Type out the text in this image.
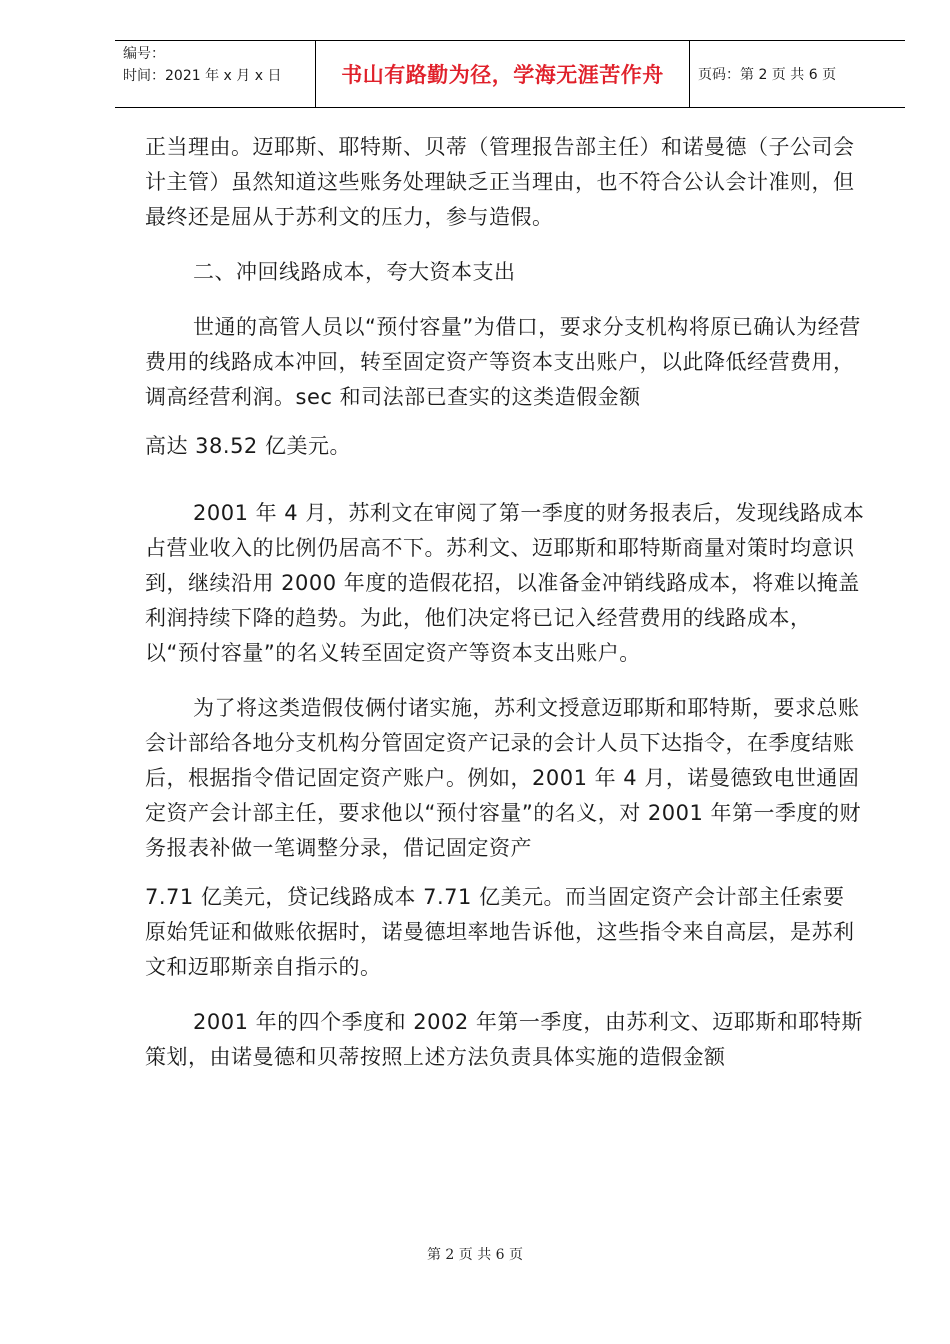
编号：
时间：2021 年 x 月 x 日	书山有路勤为径，学海无涯苦作舟 页码：第 2 页 共 6 页

正当理由。迈耶斯、耶特斯、贝蒂（管理报告部主任）和诺曼德（子公司会计主管）虽然知道这些账务处理缺乏正当理由，也不符合公认会计准则，但最终还是屈从于苏利文的压力，参与造假。

二、冲回线路成本，夸大资本支出

世通的高管人员以“预付容量”为借口，要求分支机构将原已确认为经营费用的线路成本冲回，转至固定资产等资本支出账户，以此降低经营费用，调高经营利润。sec 和司法部已查实的这类造假金额

高达 38.52 亿美元。

2001 年 4 月，苏利文在审阅了第一季度的财务报表后，发现线路成本占营业收入的比例仍居高不下。苏利文、迈耶斯和耶特斯商量对策时均意识到，继续沿用 2000 年度的造假花招，以准备金冲销线路成本，将难以掩盖利润持续下降的趋势。为此，他们决定将已记入经营费用的线路成本，以“预付容量”的名义转至固定资产等资本支出账户。

为了将这类造假伎俩付诸实施，苏利文授意迈耶斯和耶特斯，要求总账会计部给各地分支机构分管固定资产记录的会计人员下达指令，在季度结账后，根据指令借记固定资产账户。例如，2001 年 4 月，诺曼德致电世通固定资产会计部主任，要求他以“预付容量”的名义，对 2001 年第一季度的财务报表补做一笔调整分录，借记固定资产

7.71 亿美元，贷记线路成本 7.71 亿美元。而当固定资产会计部主任索要原始凭证和做账依据时，诺曼德坦率地告诉他，这些指令来自高层，是苏利文和迈耶斯亲自指示的。

2001 年的四个季度和 2002 年第一季度，由苏利文、迈耶斯和耶特斯策划，由诺曼德和贝蒂按照上述方法负责具体实施的造假金额

第 2 页 共 6 页
